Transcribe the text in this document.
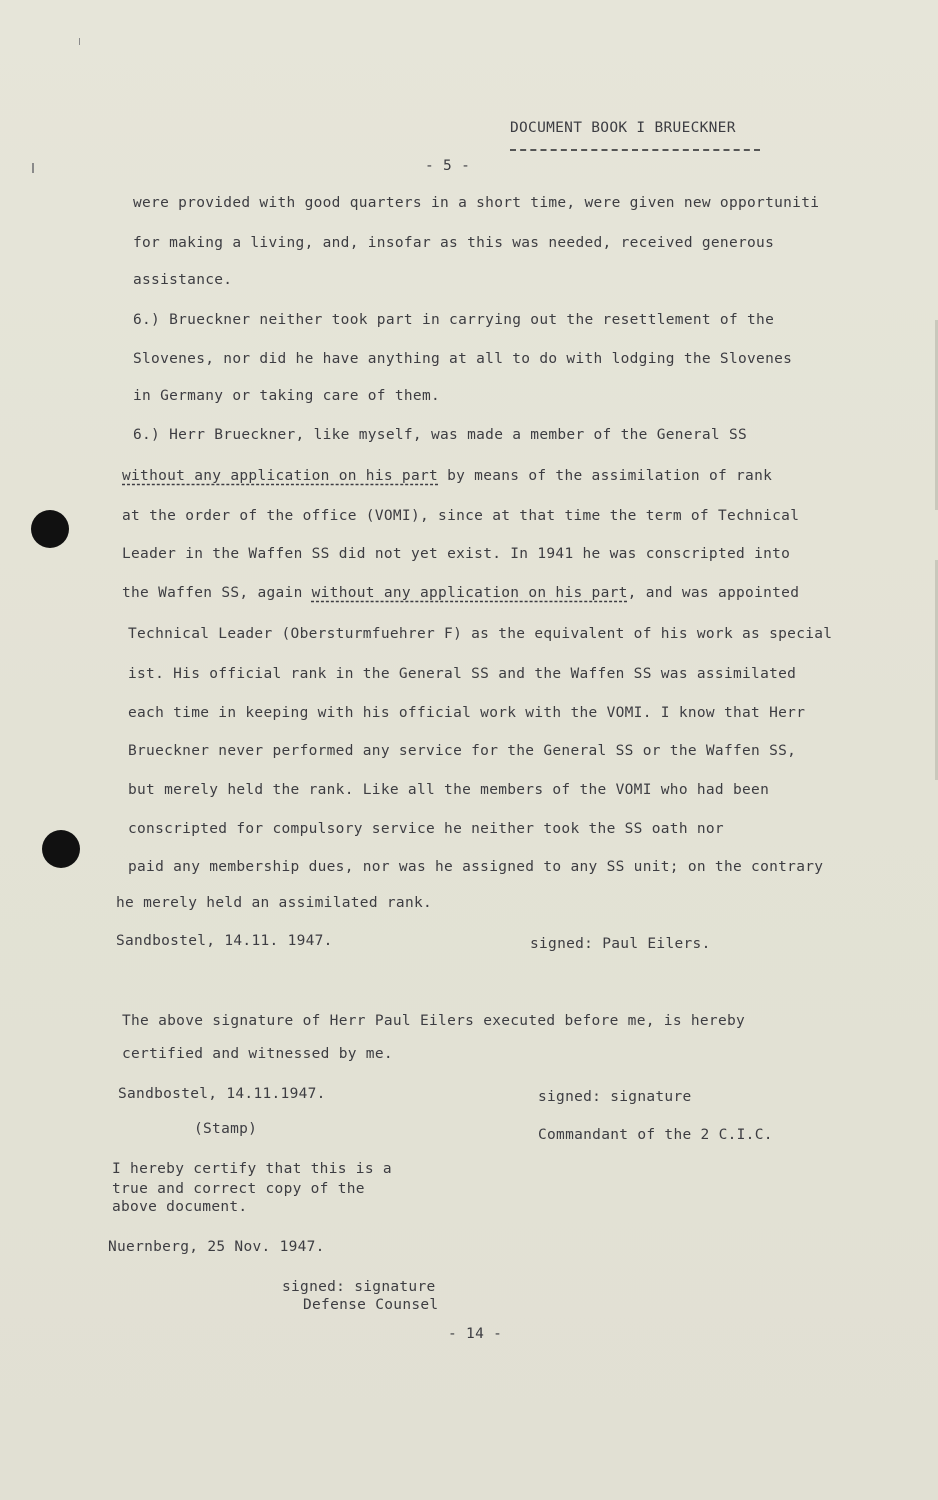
DOCUMENT BOOK I BRUECKNER
- 5 -
were provided with good quarters in a short time, were given new opportuniti
for making a living, and, insofar as this was needed, received generous
assistance.
6.) Brueckner neither took part in carrying out the resettlement of the
Slovenes, nor did he have anything at all to do with lodging the Slovenes
in Germany or taking care of them.
6.) Herr Brueckner, like myself, was made a member of the General SS
without any application on his part by means of the assimilation of rank
at the order of the office (VOMI), since at that time the term of Technical
Leader in the Waffen SS did not yet exist. In 1941 he was conscripted into
the Waffen SS, again without any application on his part, and was appointed
Technical Leader (Obersturmfuehrer F) as the equivalent of his work as special
ist. His official rank in the General SS and the Waffen SS was assimilated
each time in keeping with his official work with the VOMI. I know that Herr
Brueckner never performed any service for the General SS or the Waffen SS,
but merely held the rank. Like all the members of the VOMI who had been
conscripted for compulsory service he neither took the SS oath nor
paid any membership dues, nor was he assigned to any SS unit; on the contrary
he merely held an assimilated rank.
Sandbostel, 14.11. 1947.	signed: Paul Eilers.
The above signature of Herr Paul Eilers executed before me, is hereby
certified and witnessed by me.
Sandbostel, 14.11.1947.	signed: signature
(Stamp)	Commandant of the 2 C.I.C.
I hereby certify that this is a
true and correct copy of the
above document.
Nuernberg, 25 Nov. 1947.
signed: signature
Defense Counsel
- 14 -
